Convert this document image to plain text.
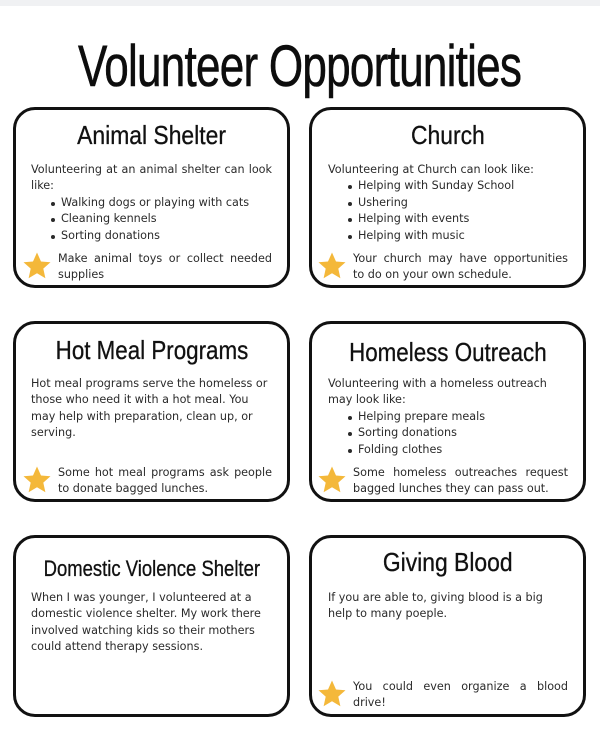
Volunteer Opportunities
Animal Shelter

Volunteering at an animal shelter can look like:

Walking dogs or playing with cats
Cleaning kennels
Sorting donations
Make animal toys or collect needed supplies
Church

Volunteering at Church can look like:

Helping with Sunday School
Ushering
Helping with events
Helping with music
Your church may have opportunities to do on your own schedule.
Hot Meal Programs

Hot meal programs serve the homeless or those who need it with a hot meal. You may help with preparation, clean up, or serving.

Some hot meal programs ask people to donate bagged lunches.
Homeless Outreach

Volunteering with a homeless outreach may look like:

Helping prepare meals
Sorting donations
Folding clothes
Some homeless outreaches request bagged lunches they can pass out.
Domestic Violence Shelter

When I was younger, I volunteered at a domestic violence shelter. My work there involved watching kids so their mothers could attend therapy sessions.

Giving Blood

If you are able to, giving blood is a big help to many poeple.

You could even organize a blood drive!
